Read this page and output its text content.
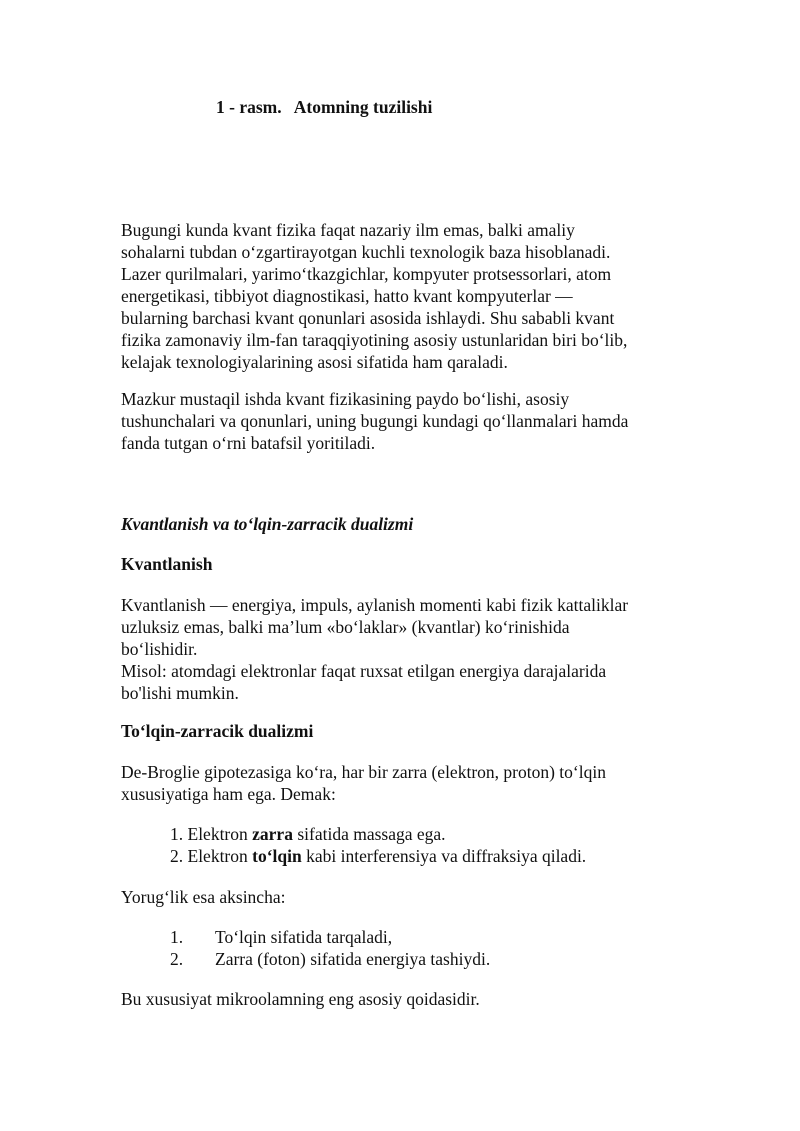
1 - rasm.   Atomning tuzilishi
Bugungi kunda kvant fizika faqat nazariy ilm emas, balki amaliy
sohalarni tubdan o‘zgartirayotgan kuchli texnologik baza hisoblanadi.
Lazer qurilmalari, yarimo‘tkazgichlar, kompyuter protsessorlari, atom
energetikasi, tibbiyot diagnostikasi, hatto kvant kompyuterlar —
bularning barchasi kvant qonunlari asosida ishlaydi. Shu sababli kvant
fizika zamonaviy ilm-fan taraqqiyotining asosiy ustunlaridan biri bo‘lib,
kelajak texnologiyalarining asosi sifatida ham qaraladi.
Mazkur mustaqil ishda kvant fizikasining paydo bo‘lishi, asosiy
tushunchalari va qonunlari, uning bugungi kundagi qo‘llanmalari hamda
fanda tutgan o‘rni batafsil yoritiladi.
Kvantlanish va to‘lqin-zarracik dualizmi
Kvantlanish
Kvantlanish — energiya, impuls, aylanish momenti kabi fizik kattaliklar
uzluksiz emas, balki ma’lum «bo‘laklar» (kvantlar) ko‘rinishida
bo‘lishidir.
Misol: atomdagi elektronlar faqat ruxsat etilgan energiya darajalarida
bo'lishi mumkin.
To‘lqin-zarracik dualizmi
De-Broglie gipotezasiga ko‘ra, har bir zarra (elektron, proton) to‘lqin
xususiyatiga ham ega. Demak:
1. Elektron zarra sifatida massaga ega.
2. Elektron to‘lqin kabi interferensiya va diffraksiya qiladi.
Yorug‘lik esa aksincha:
1. To‘lqin sifatida tarqaladi,
2. Zarra (foton) sifatida energiya tashiydi.
Bu xususiyat mikroolamning eng asosiy qoidasidir.
